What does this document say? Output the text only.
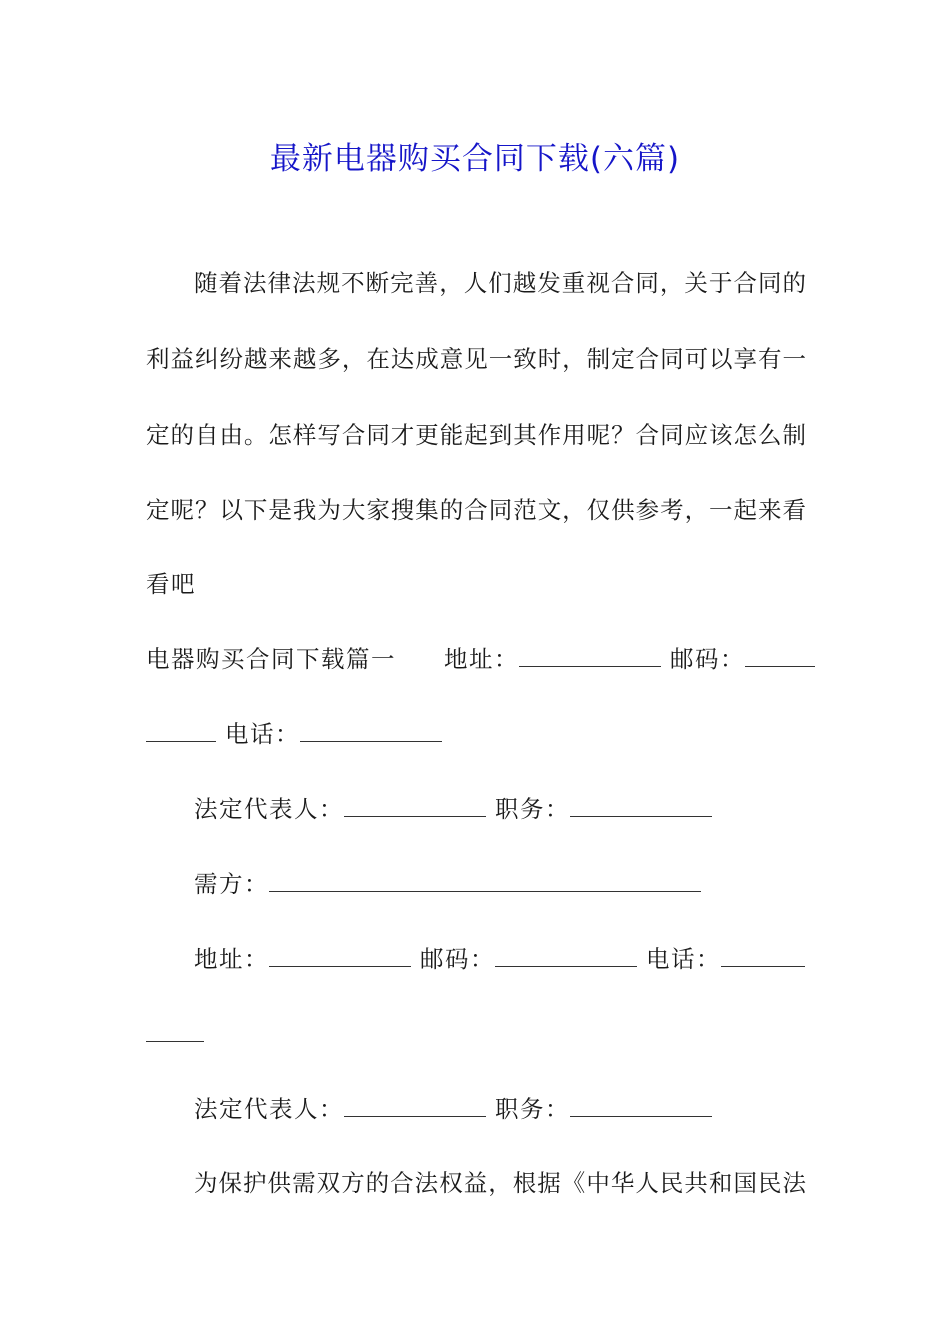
最新电器购买合同下载(六篇)
随着法律法规不断完善，人们越发重视合同，关于合同的
利益纠纷越来越多，在达成意见一致时，制定合同可以享有一
定的自由。怎样写合同才更能起到其作用呢？合同应该怎么制
定呢？以下是我为大家搜集的合同范文，仅供参考，一起来看
看吧
电器购买合同下载篇一 地址：	邮码：
电话：
法定代表人：	职务：
需方：
地址：	邮码：	电话：
法定代表人：	职务：
为保护供需双方的合法权益，根据《中华人民共和国民法
